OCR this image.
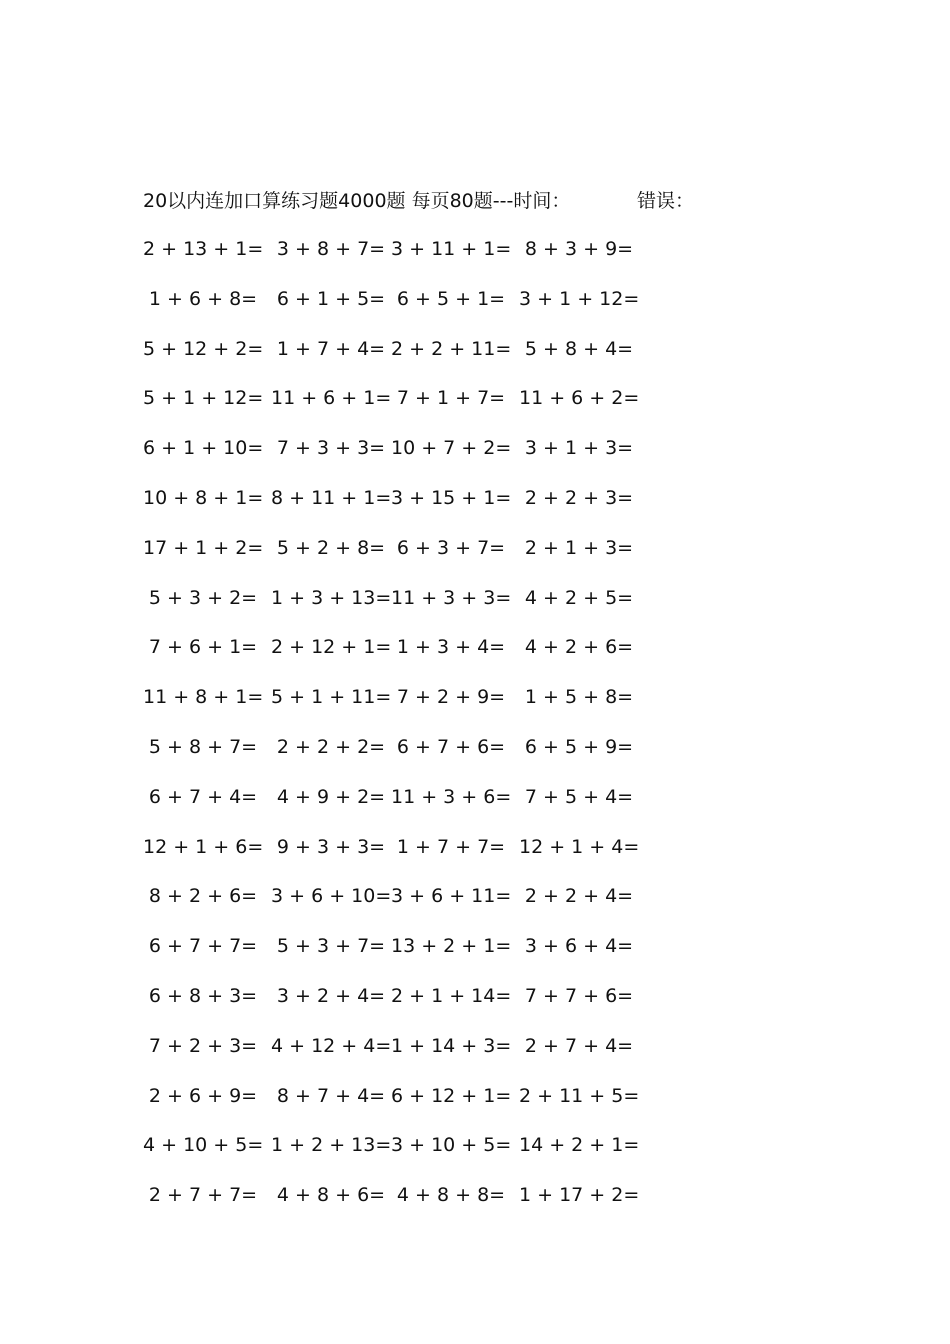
20以内连加口算练习题4000题 每页80题---时间：	错误：
2 + 13 + 1= 3 + 8 + 7= 3 + 11 + 1= 8 + 3 + 9=
1 + 6 + 8=	6 + 1 + 5= 6 + 5 + 1= 3 + 1 + 12=
5 + 12 + 2= 1 + 7 + 4= 2 + 2 + 11= 5 + 8 + 4=
5 + 1 + 12= 11 + 6 + 1= 7 + 1 + 7= 11 + 6 + 2=
6 + 1 + 10= 7 + 3 + 3= 10 + 7 + 2= 3 + 1 + 3=
10 + 8 + 1= 8 + 11 + 1= 3 + 15 + 1= 2 + 2 + 3=
17 + 1 + 2= 5 + 2 + 8= 6 + 3 + 7=	2 + 1 + 3=
5 + 3 + 2= 1 + 3 + 13= 11 + 3 + 3= 4 + 2 + 5=
7 + 6 + 1= 2 + 12 + 1= 1 + 3 + 4=	4 + 2 + 6=
11 + 8 + 1= 5 + 1 + 11= 7 + 2 + 9=	1 + 5 + 8=
5 + 8 + 7=	2 + 2 + 2= 6 + 7 + 6=	6 + 5 + 9=
6 + 7 + 4=	4 + 9 + 2= 11 + 3 + 6= 7 + 5 + 4=
12 + 1 + 6= 9 + 3 + 3= 1 + 7 + 7= 12 + 1 + 4=
8 + 2 + 6= 3 + 6 + 10= 3 + 6 + 11= 2 + 2 + 4=
6 + 7 + 7=	5 + 3 + 7= 13 + 2 + 1= 3 + 6 + 4=
6 + 8 + 3=	3 + 2 + 4= 2 + 1 + 14= 7 + 7 + 6=
7 + 2 + 3= 4 + 12 + 4= 1 + 14 + 3= 2 + 7 + 4=
2 + 6 + 9=	8 + 7 + 4= 6 + 12 + 1= 2 + 11 + 5=
4 + 10 + 5= 1 + 2 + 13= 3 + 10 + 5= 14 + 2 + 1=
2 + 7 + 7=	4 + 8 + 6= 4 + 8 + 8= 1 + 17 + 2=
